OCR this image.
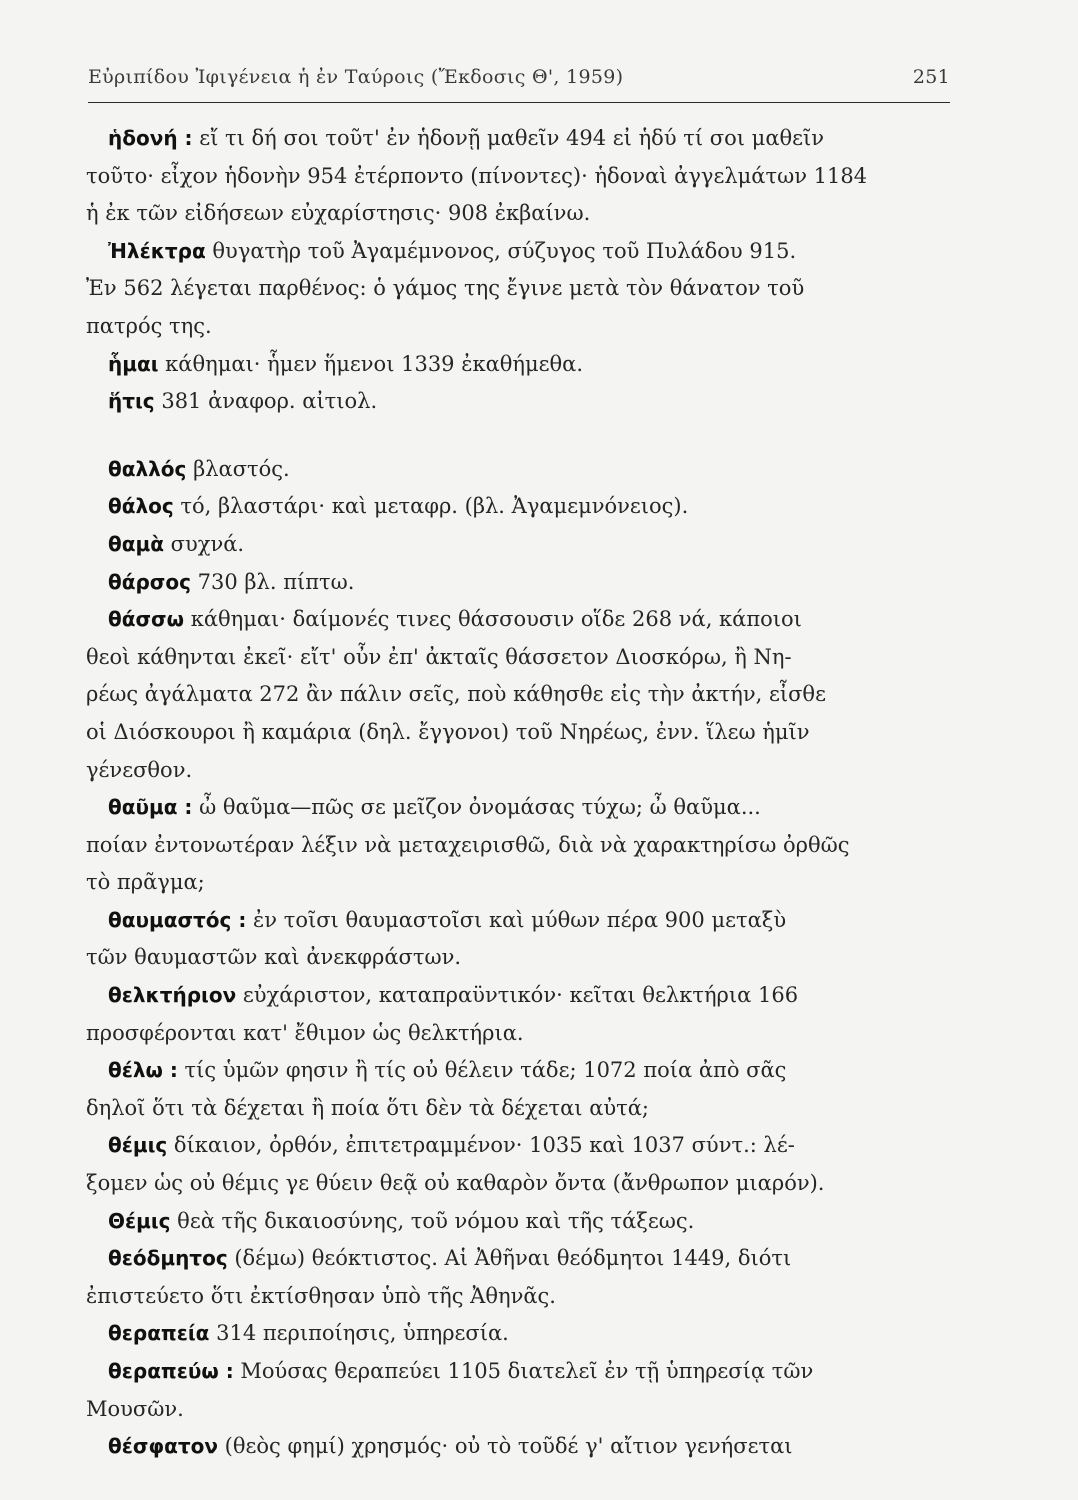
Εὐριπίδου Ἰφιγένεια ἡ ἐν Ταύροις (Ἔκδοσις Θ', 1959)	251
ἡδονή : εἴ τι δή σοι τοῦτ' ἐν ἡδονῇ μαθεῖν 494 εἰ ἡδύ τί σοι μαθεῖν
τοῦτο· εἶχον ἡδονὴν 954 ἐτέρποντο (πίνοντες)· ἡδοναὶ ἀγγελμάτων 1184
ἡ ἐκ τῶν εἰδήσεων εὐχαρίστησις· 908 ἐκβαίνω.
Ἠλέκτρα θυγατὴρ τοῦ Ἀγαμέμνονος, σύζυγος τοῦ Πυλάδου 915.
Ἐν 562 λέγεται παρθένος: ὁ γάμος της ἔγινε μετὰ τὸν θάνατον τοῦ
πατρός της.
ἧμαι κάθημαι· ἧμεν ἥμενοι 1339 ἐκαθήμεθα.
ἥτις 381 ἀναφορ. αἰτιολ.
θαλλός βλαστός.
θάλος τό, βλαστάρι· καὶ μεταφρ. (βλ. Ἀγαμεμνόνειος).
θαμὰ συχνά.
θάρσος 730 βλ. πίπτω.
θάσσω κάθημαι· δαίμονές τινες θάσσουσιν οἵδε 268 νά, κάποιοι
θεοὶ κάθηνται ἐκεῖ· εἴτ' οὖν ἐπ' ἀκταῖς θάσσετον Διοσκόρω, ἢ Νη-
ρέως ἀγάλματα 272 ἂν πάλιν σεῖς, ποὺ κάθησθε εἰς τὴν ἀκτήν, εἶσθε
οἱ Διόσκουροι ἢ καμάρια (δηλ. ἔγγονοι) τοῦ Νηρέως, ἐνν. ἵλεω ἡμῖν
γένεσθον.
θαῦμα : ὦ θαῦμα—πῶς σε μεῖζον ὀνομάσας τύχω; ὦ θαῦμα...
ποίαν ἐντονωτέραν λέξιν νὰ μεταχειρισθῶ, διὰ νὰ χαρακτηρίσω ὀρθῶς
τὸ πρᾶγμα;
θαυμαστός : ἐν τοῖσι θαυμαστοῖσι καὶ μύθων πέρα 900 μεταξὺ
τῶν θαυμαστῶν καὶ ἀνεκφράστων.
θελκτήριον εὐχάριστον, καταπραϋντικόν· κεῖται θελκτήρια 166
προσφέρονται κατ' ἔθιμον ὡς θελκτήρια.
θέλω : τίς ὑμῶν φησιν ἢ τίς οὐ θέλειν τάδε; 1072 ποία ἀπὸ σᾶς
δηλοῖ ὅτι τὰ δέχεται ἢ ποία ὅτι δὲν τὰ δέχεται αὐτά;
θέμις δίκαιον, ὀρθόν, ἐπιτετραμμένον· 1035 καὶ 1037 σύντ.: λέ-
ξομεν ὡς οὐ θέμις γε θύειν θεᾷ οὐ καθαρὸν ὄντα (ἄνθρωπον μιαρόν).
Θέμις θεὰ τῆς δικαιοσύνης, τοῦ νόμου καὶ τῆς τάξεως.
θεόδμητος (δέμω) θεόκτιστος. Αἱ Ἀθῆναι θεόδμητοι 1449, διότι
ἐπιστεύετο ὅτι ἐκτίσθησαν ὑπὸ τῆς Ἀθηνᾶς.
θεραπεία 314 περιποίησις, ὑπηρεσία.
θεραπεύω : Μούσας θεραπεύει 1105 διατελεῖ ἐν τῇ ὑπηρεσίᾳ τῶν
Μουσῶν.
θέσφατον (θεὸς φημί) χρησμός· οὐ τὸ τοῦδέ γ' αἴτιον γενήσεται
